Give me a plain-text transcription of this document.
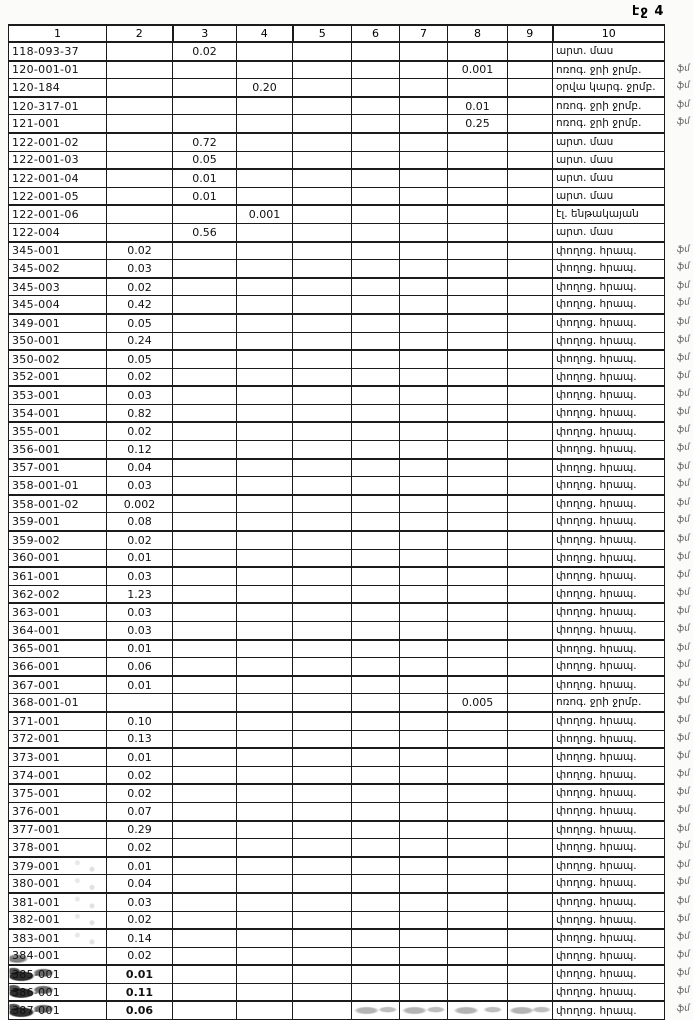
էջ 4
1	2	3	4	5	6	7	8	9	10
118-093-37		0.02							արտ. մաս
120-001-01							0.001		ոռոգ. ջրի ջրմբ. ֆմ

120-184			0.20						օրվա կարգ. ջրմբ. ֆմ

120-317-01							0.01		ոռոգ. ջրի ջրմբ. ֆմ

121-001							0.25		ոռոգ. ջրի ջրմբ. ֆմ

122-001-02		0.72							արտ. մաս
122-001-03		0.05							արտ. մաս
122-001-04		0.01							արտ. մաս
122-001-05		0.01							արտ. մաս
122-001-06			0.001						էլ. ենթակայան
122-004		0.56							արտ. մաս
345-001	0.02								փողոց. հրապ. ֆմ

345-002	0.03								փողոց. հրապ. ֆմ

345-003	0.02								փողոց. հրապ. ֆմ

345-004	0.42								փողոց. հրապ. ֆմ

349-001	0.05								փողոց. հրապ. ֆմ

350-001	0.24								փողոց. հրապ. ֆմ

350-002	0.05								փողոց. հրապ. ֆմ

352-001	0.02								փողոց. հրապ. ֆմ

353-001	0.03								փողոց. հրապ. ֆմ

354-001	0.82								փողոց. հրապ. ֆմ

355-001	0.02								փողոց. հրապ. ֆմ

356-001	0.12								փողոց. հրապ. ֆմ

357-001	0.04								փողոց. հրապ. ֆմ

358-001-01	0.03								փողոց. հրապ. ֆմ

358-001-02	0.002								փողոց. հրապ. ֆմ

359-001	0.08								փողոց. հրապ. ֆմ

359-002	0.02								փողոց. հրապ. ֆմ

360-001	0.01								փողոց. հրապ. ֆմ

361-001	0.03								փողոց. հրապ. ֆմ

362-002	1.23								փողոց. հրապ. ֆմ

363-001	0.03								փողոց. հրապ. ֆմ

364-001	0.03								փողոց. հրապ. ֆմ

365-001	0.01								փողոց. հրապ. ֆմ

366-001	0.06								փողոց. հրապ. ֆմ

367-001	0.01								փողոց. հրապ. ֆմ

368-001-01							0.005		ոռոգ. ջրի ջրմբ. ֆմ

371-001	0.10								փողոց. հրապ. ֆմ

372-001	0.13								փողոց. հրապ. ֆմ

373-001	0.01								փողոց. հրապ. ֆմ

374-001	0.02								փողոց. հրապ. ֆմ

375-001	0.02								փողոց. հրապ. ֆմ

376-001	0.07								փողոց. հրապ. ֆմ

377-001	0.29								փողոց. հրապ. ֆմ

378-001	0.02								փողոց. հրապ. ֆմ

379-001	0.01								փողոց. հրապ. ֆմ

380-001	0.04								փողոց. հրապ. ֆմ

381-001	0.03								փողոց. հրապ. ֆմ

382-001	0.02								փողոց. հրապ. ֆմ

383-001	0.14								փողոց. հրապ. ֆմ

384-001	0.02								փողոց. հրապ. ֆմ

385-001	0.01								փողոց. հրապ. ֆմ

386-001	0.11								փողոց. հրապ. ֆմ

387-001	0.06								փողոց. հրապ. ֆմ
